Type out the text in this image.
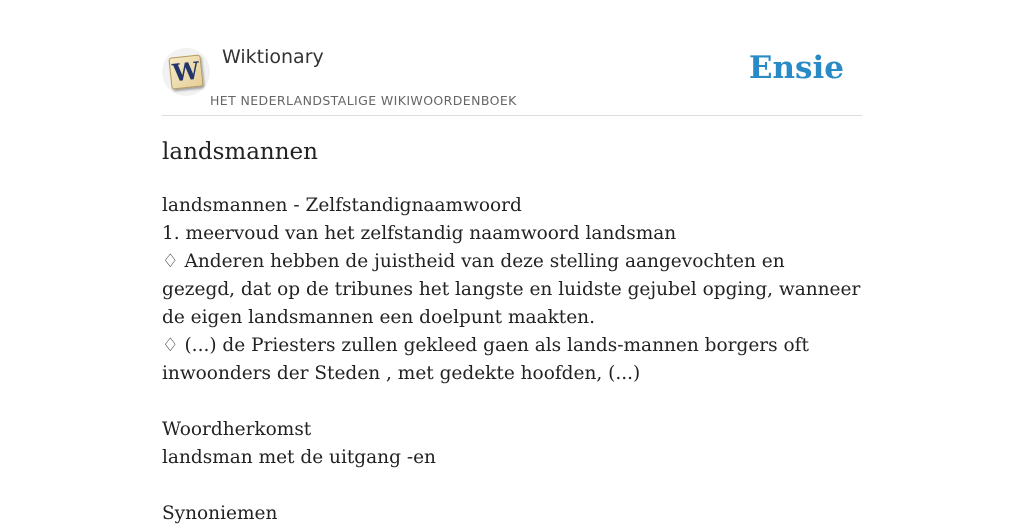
W Wiktionary
HET NEDERLANDSTALIGE WIKIWOORDENBOEK
Ensie
landsmannen

landsmannen - Zelfstandignaamwoord

1. meervoud van het zelfstandig naamwoord landsman

♢ Anderen hebben de juistheid van deze stelling aangevochten en gezegd, dat op de tribunes het langste en luidste gejubel opging, wanneer de eigen landsmannen een doelpunt maakten.

♢ (...) de Priesters zullen gekleed gaen als lands-mannen borgers oft inwoonders der Steden , met gedekte hoofden, (...)

Woordherkomst

landsman met de uitgang -en

Synoniemen
